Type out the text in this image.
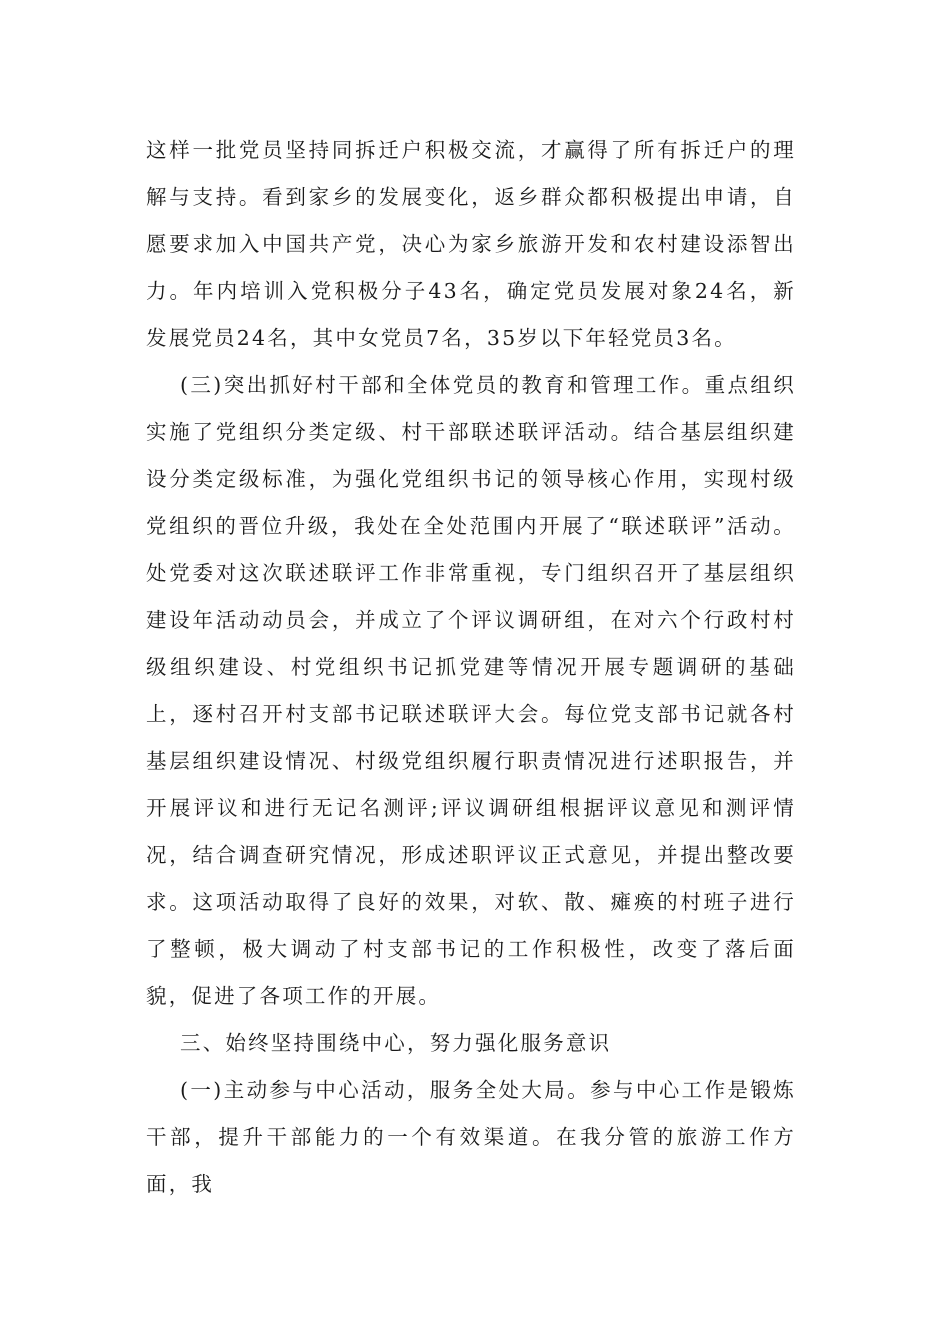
这样一批党员坚持同拆迁户积极交流，才赢得了所有拆迁户的理解与支持。看到家乡的发展变化，返乡群众都积极提出申请，自愿要求加入中国共产党，决心为家乡旅游开发和农村建设添智出力。年内培训入党积极分子43名，确定党员发展对象24名，新发展党员24名，其中女党员7名，35岁以下年轻党员3名。

(三)突出抓好村干部和全体党员的教育和管理工作。重点组织实施了党组织分类定级、村干部联述联评活动。结合基层组织建设分类定级标准，为强化党组织书记的领导核心作用，实现村级党组织的晋位升级，我处在全处范围内开展了“联述联评”活动。处党委对这次联述联评工作非常重视，专门组织召开了基层组织建设年活动动员会，并成立了个评议调研组，在对六个行政村村级组织建设、村党组织书记抓党建等情况开展专题调研的基础上，逐村召开村支部书记联述联评大会。每位党支部书记就各村基层组织建设情况、村级党组织履行职责情况进行述职报告，并开展评议和进行无记名测评;评议调研组根据评议意见和测评情况，结合调查研究情况，形成述职评议正式意见，并提出整改要求。这项活动取得了良好的效果，对软、散、瘫痪的村班子进行了整顿，极大调动了村支部书记的工作积极性，改变了落后面貌，促进了各项工作的开展。

三、始终坚持围绕中心，努力强化服务意识

(一)主动参与中心活动，服务全处大局。参与中心工作是锻炼干部，提升干部能力的一个有效渠道。在我分管的旅游工作方面，我
